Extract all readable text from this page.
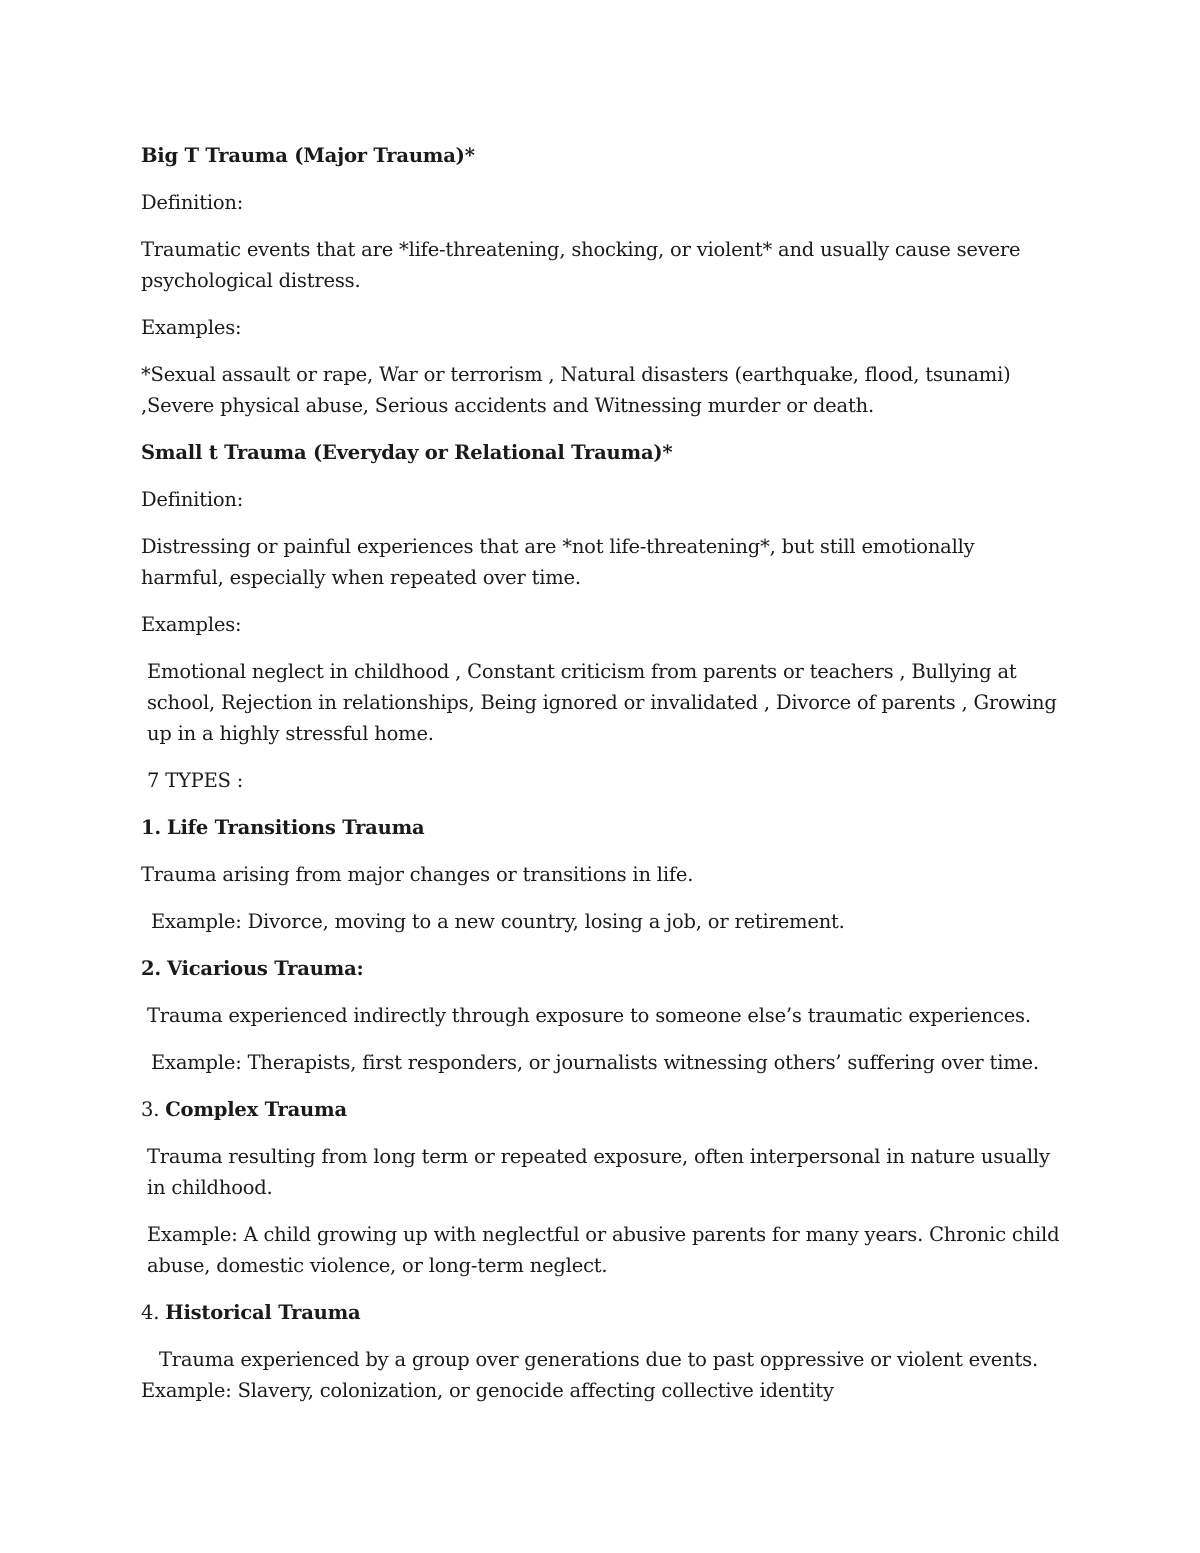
Big T Trauma (Major Trauma)*

Definition:

Traumatic events that are *life-threatening, shocking, or violent* and usually cause severe psychological distress.

Examples:

*Sexual assault or rape, War or terrorism , Natural disasters (earthquake, flood, tsunami) ,Severe physical abuse, Serious accidents and Witnessing murder or death.

Small t Trauma (Everyday or Relational Trauma)*

Definition:

Distressing or painful experiences that are *not life-threatening*, but still emotionally harmful, especially when repeated over time.

Examples:

Emotional neglect in childhood , Constant criticism from parents or teachers , Bullying at school, Rejection in relationships, Being ignored or invalidated , Divorce of parents , Growing up in a highly stressful home.

7 TYPES :

1. Life Transitions Trauma

Trauma arising from major changes or transitions in life.

Example: Divorce, moving to a new country, losing a job, or retirement.

2. Vicarious Trauma:

Trauma experienced indirectly through exposure to someone else’s traumatic experiences.

Example: Therapists, first responders, or journalists witnessing others’ suffering over time.

3. Complex Trauma

Trauma resulting from long term or repeated exposure, often interpersonal in nature usually in childhood.

Example: A child growing up with neglectful or abusive parents for many years. Chronic child abuse, domestic violence, or long-term neglect.

4. Historical Trauma

Trauma experienced by a group over generations due to past oppressive or violent events.

Example: Slavery, colonization, or genocide affecting collective identity
